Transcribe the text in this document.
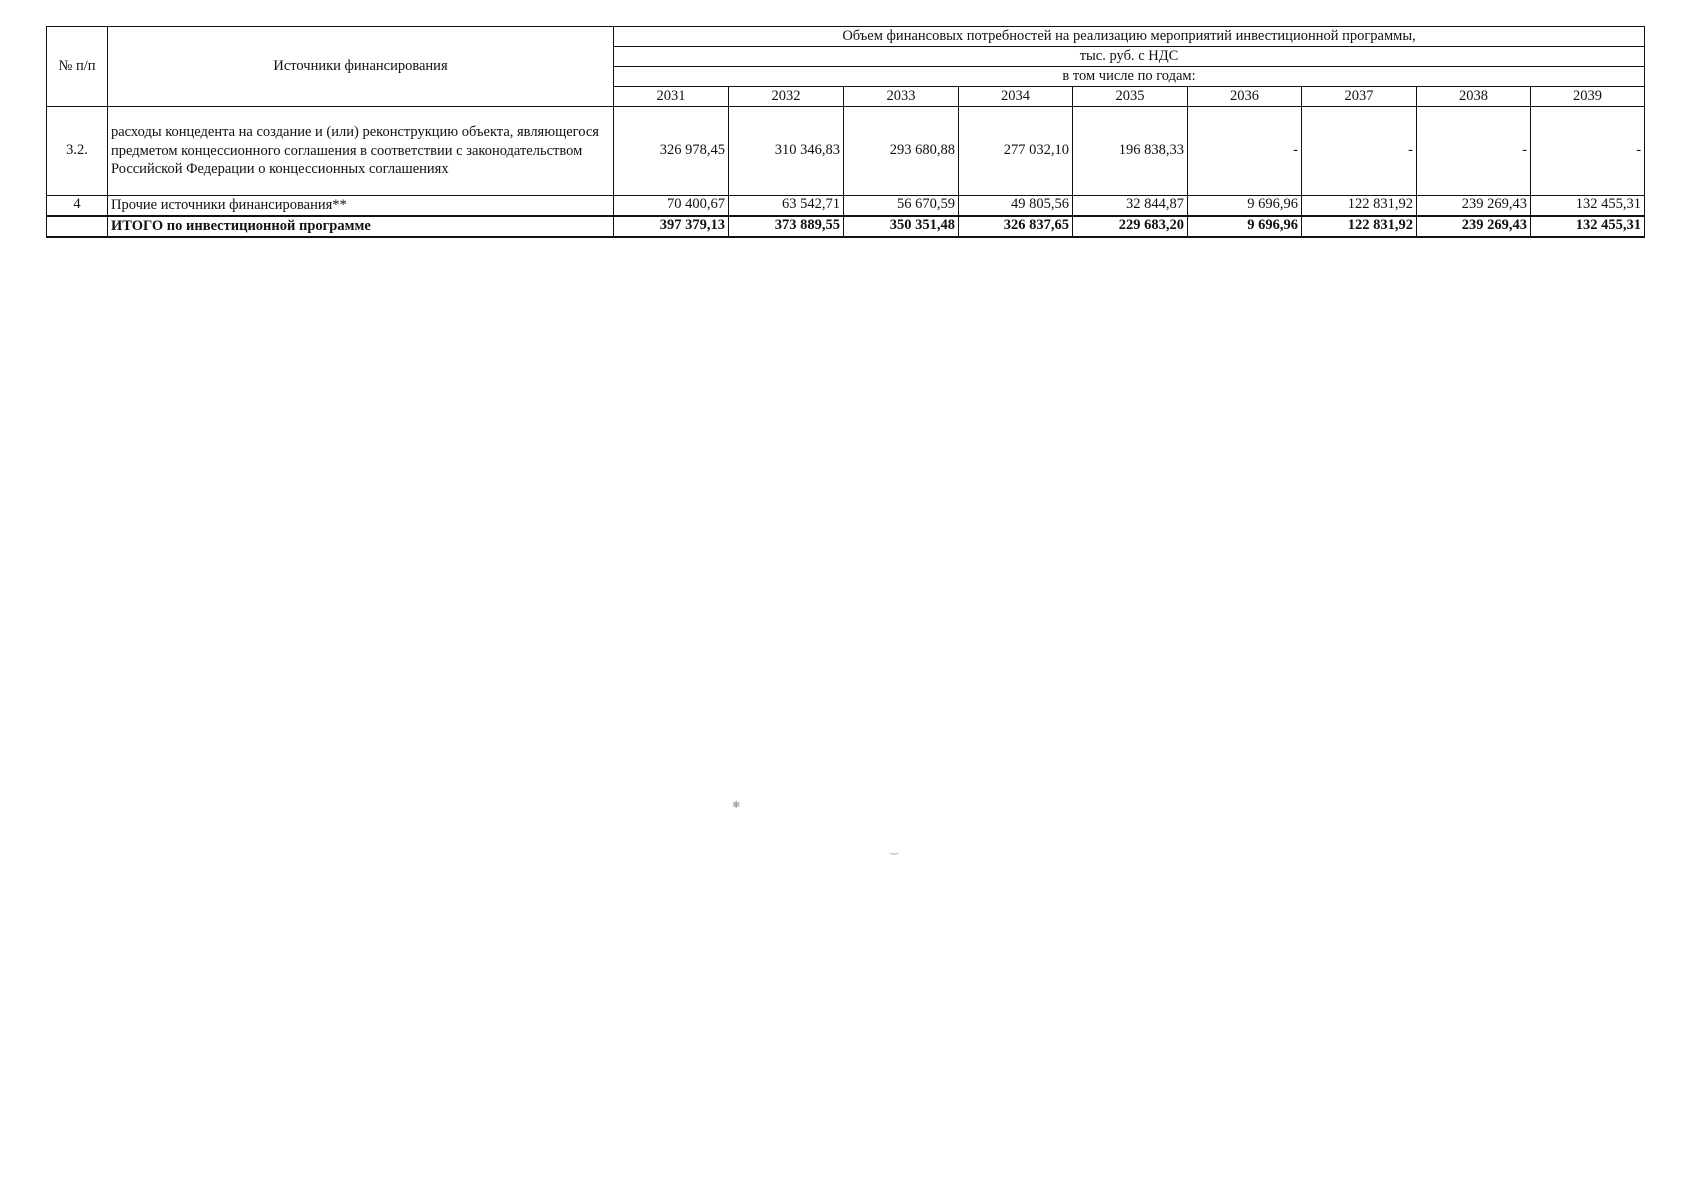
№ п/п	Источники финансирования	Объем финансовых потребностей на реализацию мероприятий инвестиционной программы,								
		тыс. руб. с НДС								
		в том числе по годам:								
		2031	2032	2033	2034	2035	2036	2037	2038	2039
3.2.	расходы концедента на создание и (или) реконструкцию объекта, являющегося предметом концессионного соглашения в соответствии с законодательством Российской Федерации о концессионных соглашениях	326 978,45	310 346,83	293 680,88	277 032,10	196 838,33	-	-	-	-
4	Прочие источники финансирования**	70 400,67	63 542,71	56 670,59	49 805,56	32 844,87	9 696,96	122 831,92	239 269,43	132 455,31
	ИТОГО по инвестиционной программе	397 379,13	373 889,55	350 351,48	326 837,65	229 683,20	9 696,96	122 831,92	239 269,43	132 455,31
✱
‿
